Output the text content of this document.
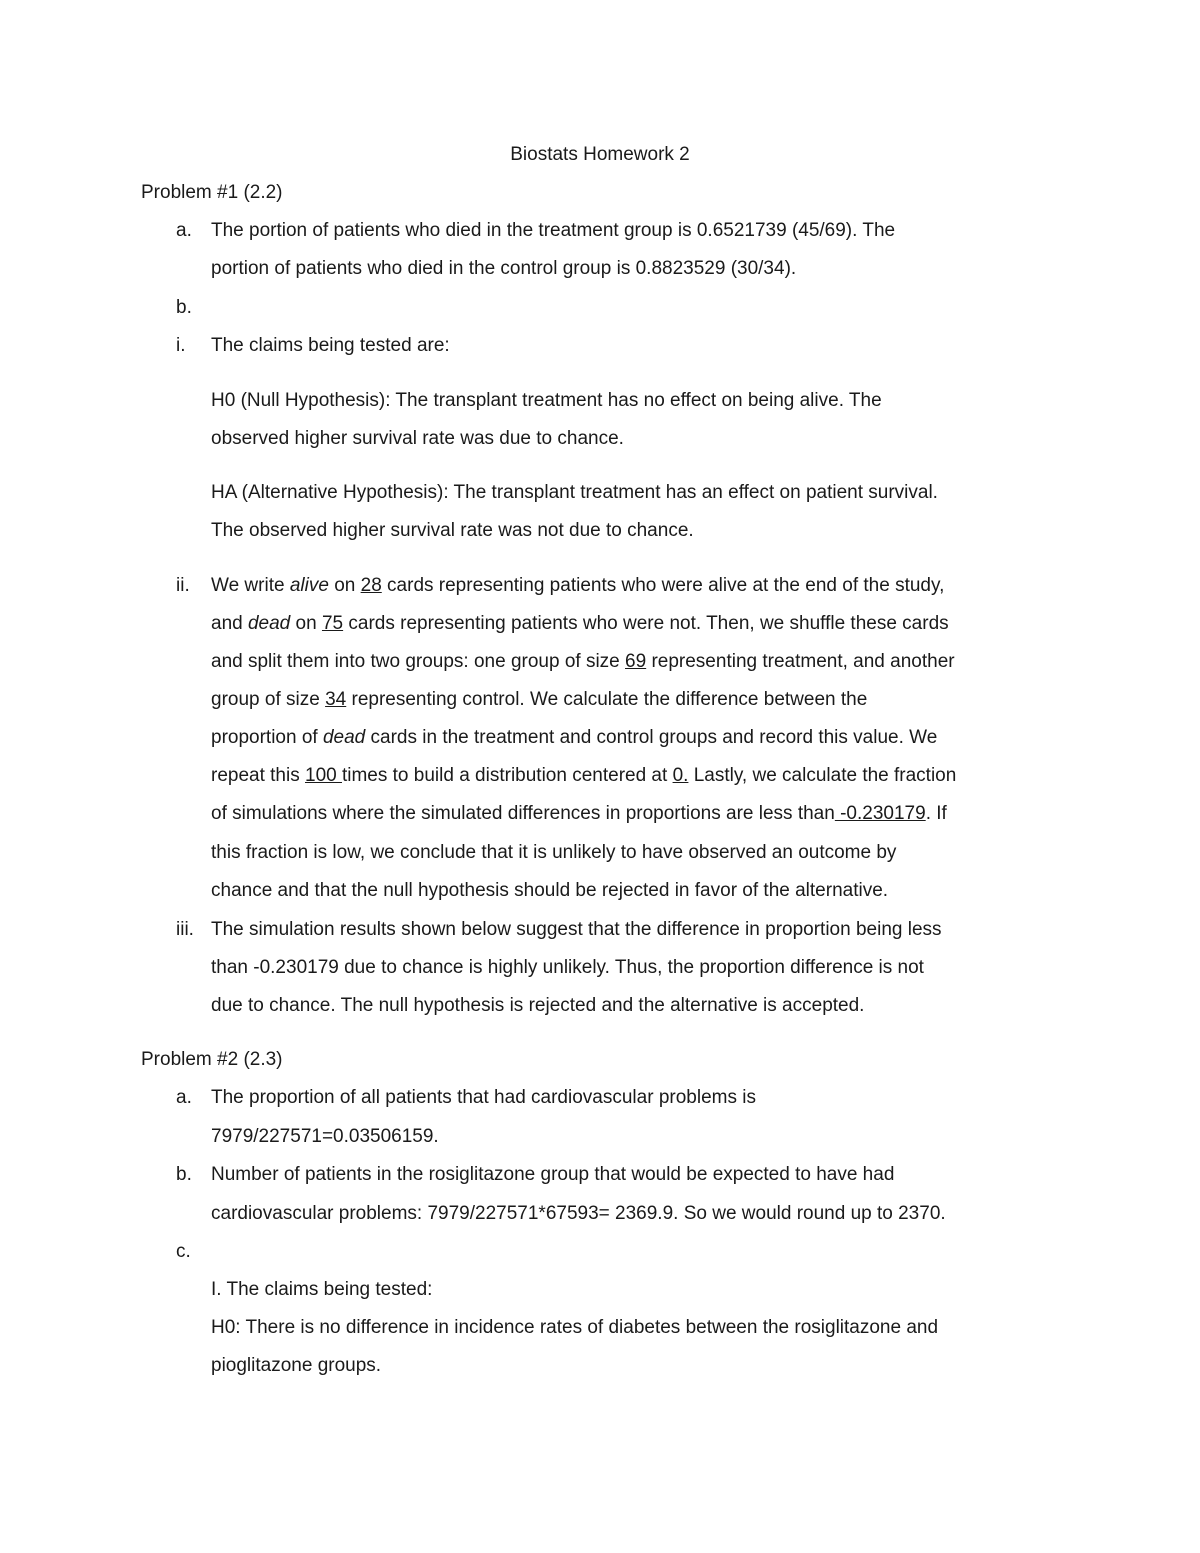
Biostats Homework 2
Problem #1 (2.2)
a. The portion of patients who died in the treatment group is 0.6521739 (45/69). The
portion of patients who died in the control group is 0.8823529 (30/34).
b.
i. The claims being tested are:
H0 (Null Hypothesis): The transplant treatment has no effect on being alive. The
observed higher survival rate was due to chance.
HA (Alternative Hypothesis): The transplant treatment has an effect on patient survival.
The observed higher survival rate was not due to chance.
ii. We write alive on 28 cards representing patients who were alive at the end of the study,
and dead on 75 cards representing patients who were not. Then, we shuffle these cards
and split them into two groups: one group of size 69 representing treatment, and another
group of size 34 representing control. We calculate the difference between the
proportion of dead cards in the treatment and control groups and record this value. We
repeat this 100 times to build a distribution centered at 0. Lastly, we calculate the fraction
of simulations where the simulated differences in proportions are less than -0.230179. If
this fraction is low, we conclude that it is unlikely to have observed an outcome by
chance and that the null hypothesis should be rejected in favor of the alternative.
iii. The simulation results shown below suggest that the difference in proportion being less
than -0.230179 due to chance is highly unlikely. Thus, the proportion difference is not
due to chance. The null hypothesis is rejected and the alternative is accepted.
Problem #2 (2.3)
a. The proportion of all patients that had cardiovascular problems is
7979/227571=0.03506159.
b. Number of patients in the rosiglitazone group that would be expected to have had
cardiovascular problems: 7979/227571*67593= 2369.9. So we would round up to 2370.
c.
I. The claims being tested:
H0: There is no difference in incidence rates of diabetes between the rosiglitazone and
pioglitazone groups.
